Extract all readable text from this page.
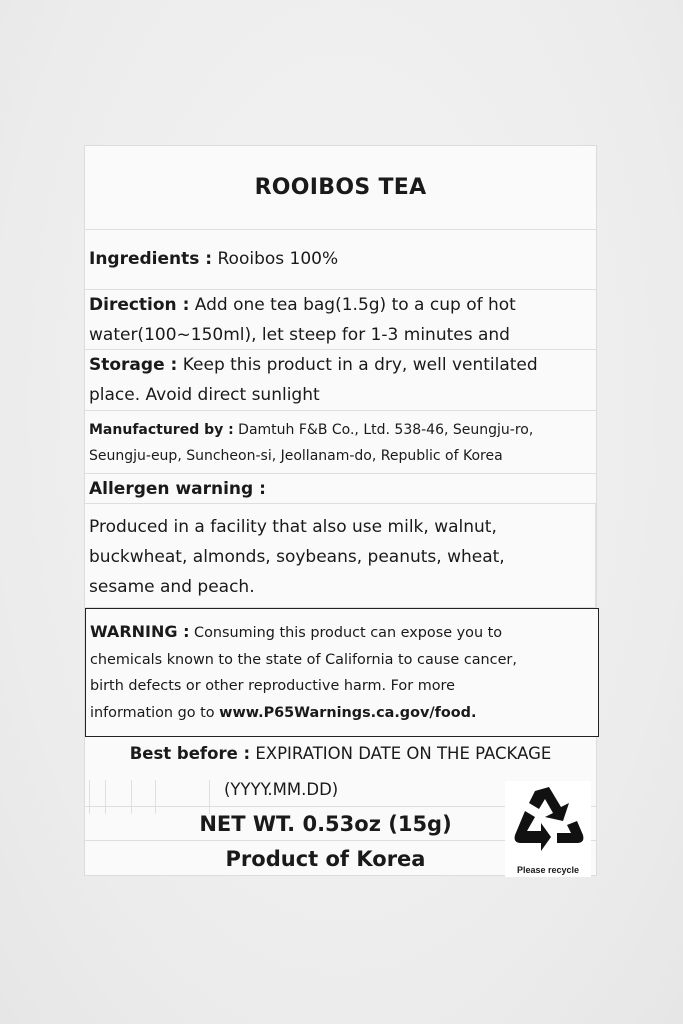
ROOIBOS TEA
Ingredients : Rooibos 100%
Direction : Add one tea bag(1.5g) to a cup of hot
water(100~150ml), let steep for 1-3 minutes and
Storage : Keep this product in a dry, well ventilated
place. Avoid direct sunlight
Manufactured by : Damtuh F&B Co., Ltd. 538-46, Seungju-ro,
Seungju-eup, Suncheon-si, Jeollanam-do, Republic of Korea
Allergen warning :
Produced in a facility that also use milk, walnut,
buckwheat, almonds, soybeans, peanuts, wheat,
sesame and peach.
WARNING : Consuming this product can expose you to
chemicals known to the state of California to cause cancer,
birth defects or other reproductive harm. For more
information go to www.P65Warnings.ca.gov/food.
Best before : EXPIRATION DATE ON THE PACKAGE
(YYYY.MM.DD)
NET WT. 0.53oz (15g)
Product of Korea	Please recycle
